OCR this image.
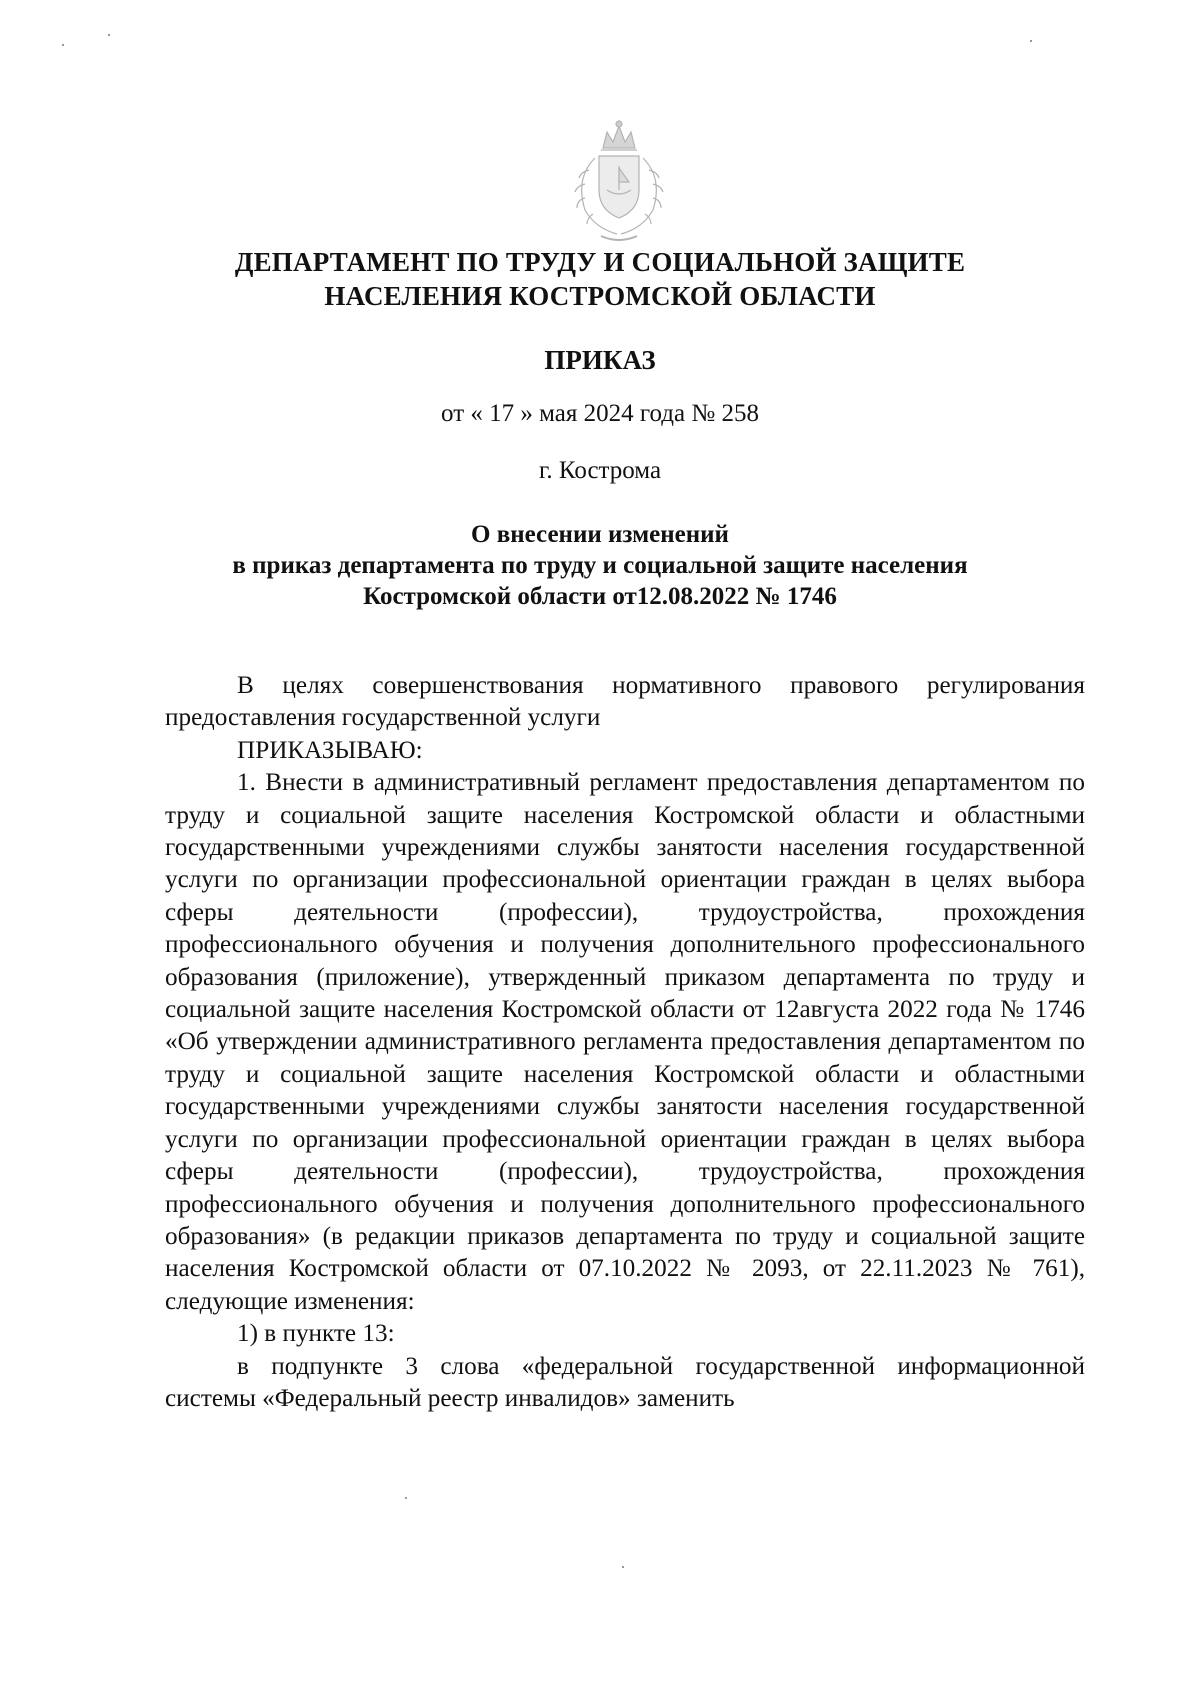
ДЕПАРТАМЕНТ ПО ТРУДУ И СОЦИАЛЬНОЙ ЗАЩИТЕ
НАСЕЛЕНИЯ КОСТРОМСКОЙ ОБЛАСТИ
ПРИКАЗ
от « 17 » мая 2024 года № 258
г. Кострома
О внесении изменений
в приказ департамента по труду и социальной защите населения
Костромской области от12.08.2022 № 1746

В целях совершенствования нормативного правового регулирования предоставления государственной услуги

ПРИКАЗЫВАЮ:

1. Внести в административный регламент предоставления департаментом по труду и социальной защите населения Костромской области и областными государственными учреждениями службы занятости населения государственной услуги по организации профессиональной ориентации граждан в целях выбора сферы деятельности (профессии), трудоустройства, прохождения профессионального обучения и получения дополнительного профессионального образования (приложение), утвержденный приказом департамента по труду и социальной защите населения Костромской области от 12августа 2022 года № 1746 «Об утверждении административного регламента предоставления департаментом по труду и социальной защите населения Костромской области и областными государственными учреждениями службы занятости населения государственной услуги по организации профессиональной ориентации граждан в целях выбора сферы деятельности (профессии), трудоустройства, прохождения профессионального обучения и получения дополнительного профессионального образования» (в редакции приказов департамента по труду и социальной защите населения Костромской области от 07.10.2022 № 2093, от 22.11.2023 № 761), следующие изменения:

1) в пункте 13:

в подпункте 3 слова «федеральной государственной информационной системы «Федеральный реестр инвалидов» заменить
